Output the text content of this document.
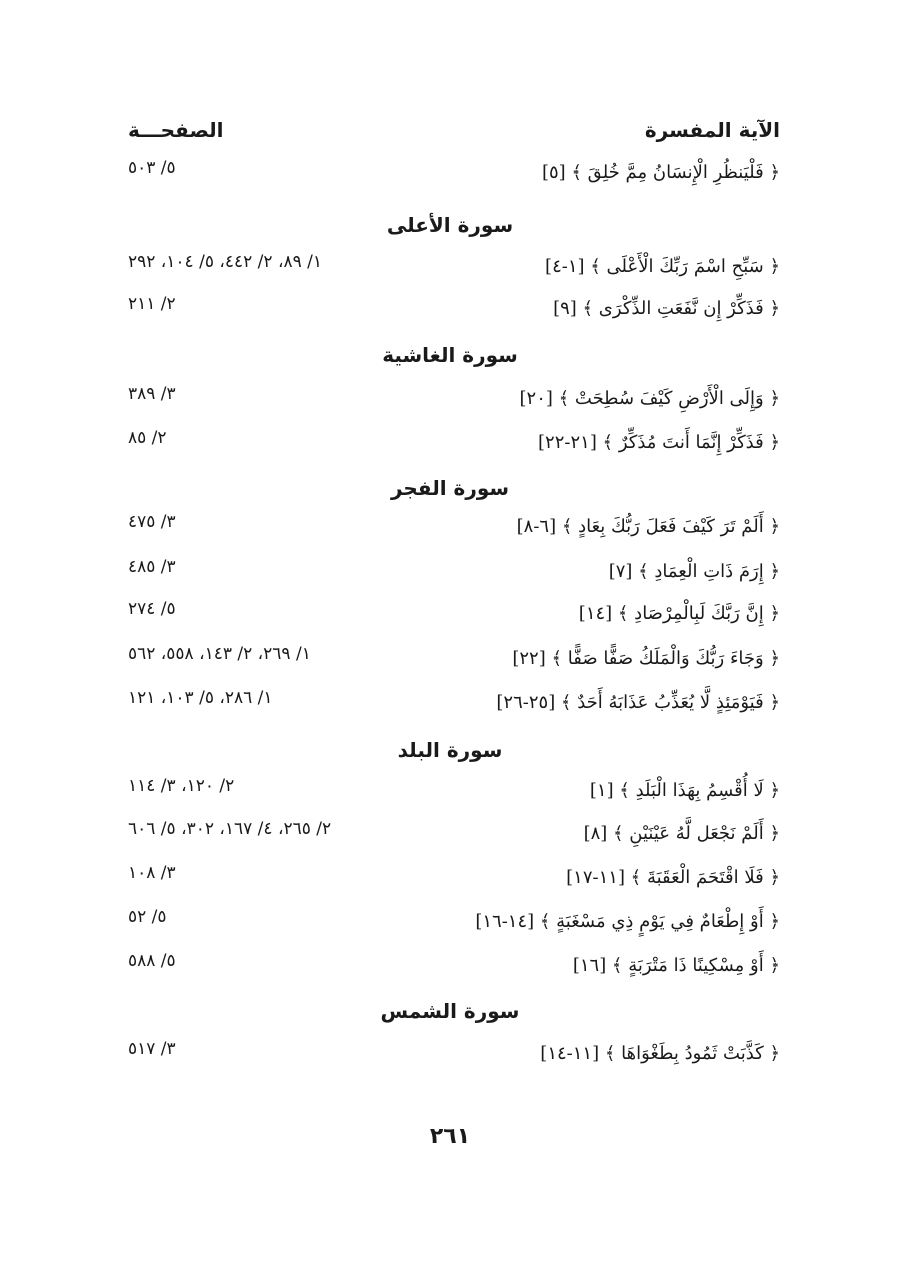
الآية المفسرة
الصفحـــة
﴿ فَلْيَنظُرِ الْإِنسَانُ مِمَّ خُلِقَ ﴾ [٥]
٥/ ٥٠٣
سورة الأعلى
﴿ سَبِّحِ اسْمَ رَبِّكَ الْأَعْلَى ﴾ [١-٤]
١/ ٨٩، ٢/ ٤٤٢، ٥/ ١٠٤، ٢٩٢
﴿ فَذَكِّرْ إِن نَّفَعَتِ الذِّكْرَى ﴾ [٩]
٢/ ٢١١
سورة الغاشية
﴿ وَإِلَى الْأَرْضِ كَيْفَ سُطِحَتْ ﴾ [٢٠]
٣/ ٣٨٩
﴿ فَذَكِّرْ إِنَّمَا أَنتَ مُذَكِّرٌ ﴾ [٢١-٢٢]
٢/ ٨٥
سورة الفجر
﴿ أَلَمْ تَرَ كَيْفَ فَعَلَ رَبُّكَ بِعَادٍ ﴾ [٦-٨]
٣/ ٤٧٥
﴿ إِرَمَ ذَاتِ الْعِمَادِ ﴾ [٧]
٣/ ٤٨٥
﴿ إِنَّ رَبَّكَ لَبِالْمِرْصَادِ ﴾ [١٤]
٥/ ٢٧٤
﴿ وَجَاءَ رَبُّكَ وَالْمَلَكُ صَفًّا صَفًّا ﴾ [٢٢]
١/ ٢٦٩، ٢/ ١٤٣، ٥٥٨، ٥٦٢
﴿ فَيَوْمَئِذٍ لَّا يُعَذِّبُ عَذَابَهُ أَحَدٌ ﴾ [٢٥-٢٦]
١/ ٢٨٦، ٥/ ١٠٣، ١٢١
سورة البلد
﴿ لَا أُقْسِمُ بِهَذَا الْبَلَدِ ﴾ [١]
٢/ ١٢٠، ٣/ ١١٤
﴿ أَلَمْ نَجْعَل لَّهُ عَيْنَيْنِ ﴾ [٨]
٢/ ٢٦٥، ٤/ ١٦٧، ٣٠٢، ٥/ ٦٠٦
﴿ فَلَا اقْتَحَمَ الْعَقَبَةَ ﴾ [١١-١٧]
٣/ ١٠٨
﴿ أَوْ إِطْعَامٌ فِي يَوْمٍ ذِي مَسْغَبَةٍ ﴾ [١٤-١٦]
٥/ ٥٢
﴿ أَوْ مِسْكِينًا ذَا مَتْرَبَةٍ ﴾ [١٦]
٥/ ٥٨٨
سورة الشمس
﴿ كَذَّبَتْ ثَمُودُ بِطَغْوَاهَا ﴾ [١١-١٤]
٣/ ٥١٧
٢٦١
